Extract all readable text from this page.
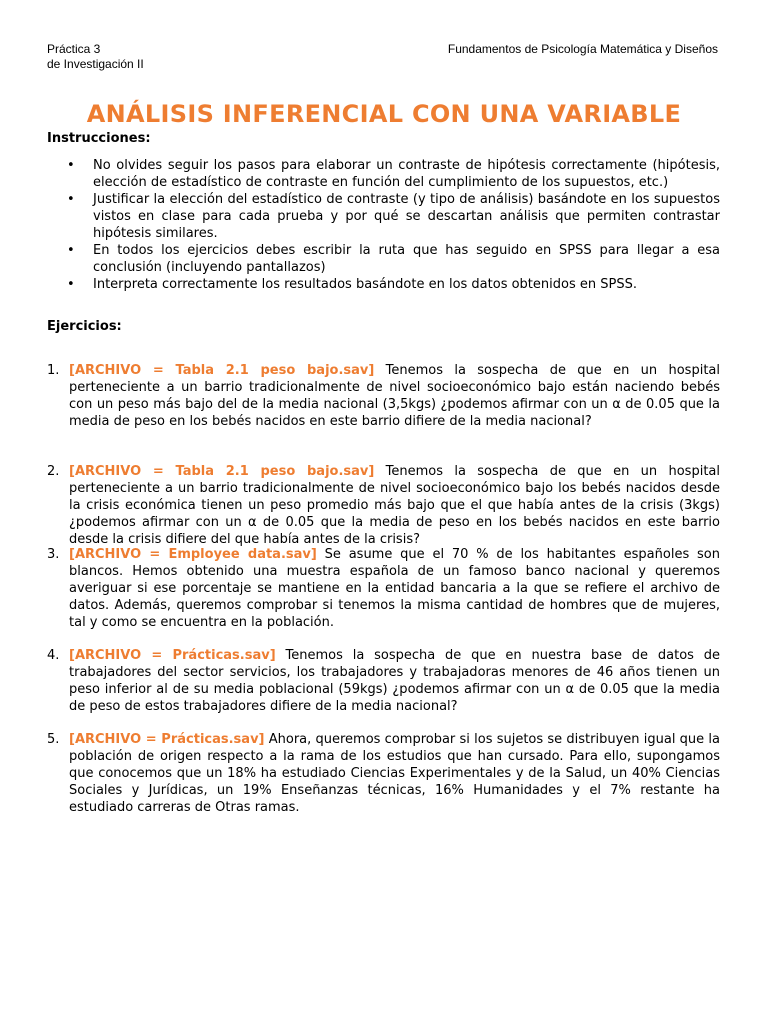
Práctica 3
de Investigación II
Fundamentos de Psicología Matemática y Diseños
ANÁLISIS INFERENCIAL CON UNA VARIABLE
Instrucciones:
• No olvides seguir los pasos para elaborar un contraste de hipótesis correctamente (hipótesis, elección de estadístico de contraste en función del cumplimiento de los supuestos, etc.)
• Justificar la elección del estadístico de contraste (y tipo de análisis) basándote en los supuestos vistos en clase para cada prueba y por qué se descartan análisis que permiten contrastar hipótesis similares.
• En todos los ejercicios debes escribir la ruta que has seguido en SPSS para llegar a esa conclusión (incluyendo pantallazos)
• Interpreta correctamente los resultados basándote en los datos obtenidos en SPSS.
Ejercicios:
1. [ARCHIVO = Tabla 2.1 peso bajo.sav] Tenemos la sospecha de que en un hospital perteneciente a un barrio tradicionalmente de nivel socioeconómico bajo están naciendo bebés con un peso más bajo del de la media nacional (3,5kgs) ¿podemos afirmar con un α de 0.05 que la media de peso en los bebés nacidos en este barrio difiere de la media nacional?
2. [ARCHIVO = Tabla 2.1 peso bajo.sav] Tenemos la sospecha de que en un hospital perteneciente a un barrio tradicionalmente de nivel socioeconómico bajo los bebés nacidos desde la crisis económica tienen un peso promedio más bajo que el que había antes de la crisis (3kgs) ¿podemos afirmar con un α de 0.05 que la media de peso en los bebés nacidos en este barrio desde la crisis difiere del que había antes de la crisis?
3. [ARCHIVO = Employee data.sav] Se asume que el 70 % de los habitantes españoles son blancos. Hemos obtenido una muestra española de un famoso banco nacional y queremos averiguar si ese porcentaje se mantiene en la entidad bancaria a la que se refiere el archivo de datos. Además, queremos comprobar si tenemos la misma cantidad de hombres que de mujeres, tal y como se encuentra en la población.
4. [ARCHIVO = Prácticas.sav] Tenemos la sospecha de que en nuestra base de datos de trabajadores del sector servicios, los trabajadores y trabajadoras menores de 46 años tienen un peso inferior al de su media poblacional (59kgs) ¿podemos afirmar con un α de 0.05 que la media de peso de estos trabajadores difiere de la media nacional?
5. [ARCHIVO = Prácticas.sav] Ahora, queremos comprobar si los sujetos se distribuyen igual que la población de origen respecto a la rama de los estudios que han cursado. Para ello, supongamos que conocemos que un 18% ha estudiado Ciencias Experimentales y de la Salud, un 40% Ciencias Sociales y Jurídicas, un 19% Enseñanzas técnicas, 16% Humanidades y el 7% restante ha estudiado carreras de Otras ramas.
